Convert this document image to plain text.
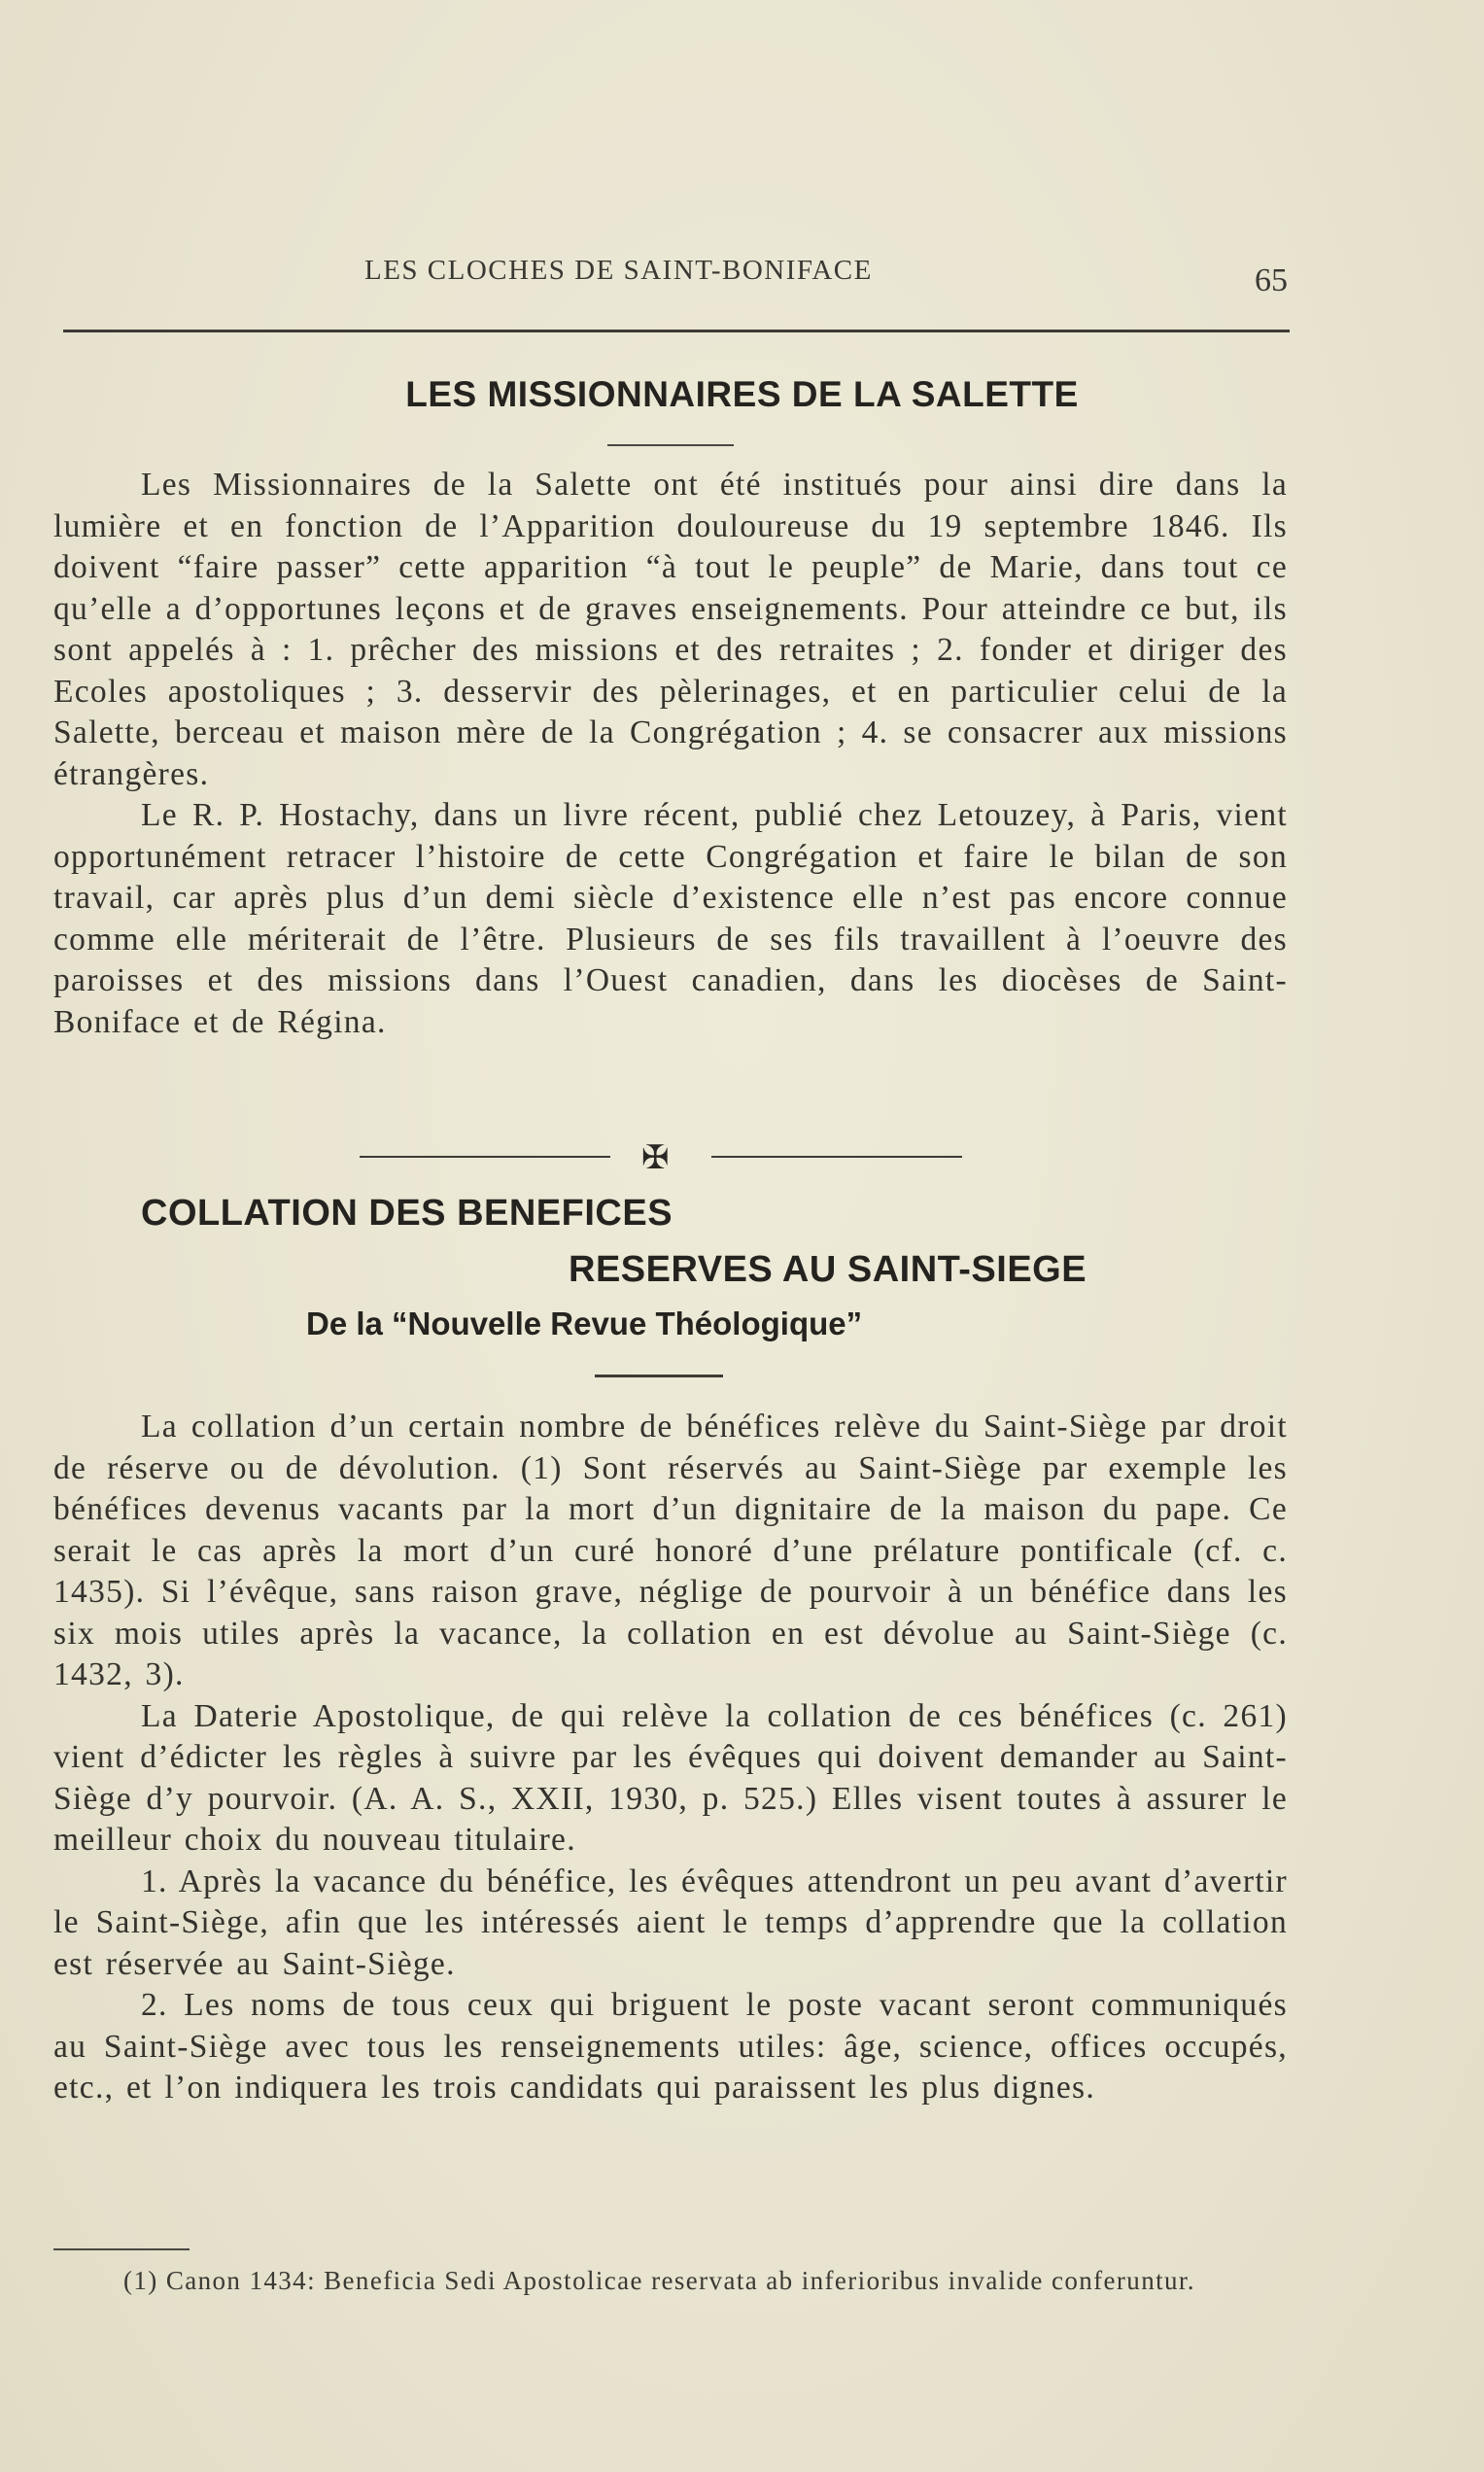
LES CLOCHES DE SAINT-BONIFACE	65
LES MISSIONNAIRES DE LA SALETTE

Les Missionnaires de la Salette ont été institués pour ainsi dire dans la lumière et en fonction de l’Apparition douloureuse du 19 septembre 1846. Ils doivent “faire passer” cette apparition “à tout le peuple” de Marie, dans tout ce qu’elle a d’opportunes leçons et de graves enseignements. Pour atteindre ce but, ils sont appelés à : 1. prêcher des missions et des retraites ; 2. fonder et diriger des Ecoles apostoliques ; 3. desservir des pèlerinages, et en particulier celui de la Salette, berceau et maison mère de la Congrégation ; 4. se consacrer aux missions étrangères.

Le R. P. Hostachy, dans un livre récent, publié chez Letouzey, à Paris, vient opportunément retracer l’histoire de cette Congrégation et faire le bilan de son travail, car après plus d’un demi siècle d’existence elle n’est pas encore connue comme elle mériterait de l’être. Plusieurs de ses fils travaillent à l’oeuvre des paroisses et des missions dans l’Ouest canadien, dans les diocèses de Saint-Boniface et de Régina.

✠
COLLATION DES BENEFICES
RESERVES AU SAINT-SIEGE
De la “Nouvelle Revue Théologique”

La collation d’un certain nombre de bénéfices relève du Saint-Siège par droit de réserve ou de dévolution. (1) Sont réservés au Saint-Siège par exemple les bénéfices devenus vacants par la mort d’un dignitaire de la maison du pape. Ce serait le cas après la mort d’un curé honoré d’une prélature pontificale (cf. c. 1435). Si l’évêque, sans raison grave, néglige de pourvoir à un bénéfice dans les six mois utiles après la vacance, la collation en est dévolue au Saint-Siège (c. 1432, 3).

La Daterie Apostolique, de qui relève la collation de ces bénéfices (c. 261) vient d’édicter les règles à suivre par les évêques qui doivent demander au Saint-Siège d’y pourvoir. (A. A. S., XXII, 1930, p. 525.) Elles visent toutes à assurer le meilleur choix du nouveau titulaire.

1. Après la vacance du bénéfice, les évêques attendront un peu avant d’avertir le Saint-Siège, afin que les intéressés aient le temps d’apprendre que la collation est réservée au Saint-Siège.

2. Les noms de tous ceux qui briguent le poste vacant seront communiqués au Saint-Siège avec tous les renseignements utiles: âge, science, offices occupés, etc., et l’on indiquera les trois candidats qui paraissent les plus dignes.

(1) Canon 1434: Beneficia Sedi Apostolicae reservata ab inferioribus invalide conferuntur.
